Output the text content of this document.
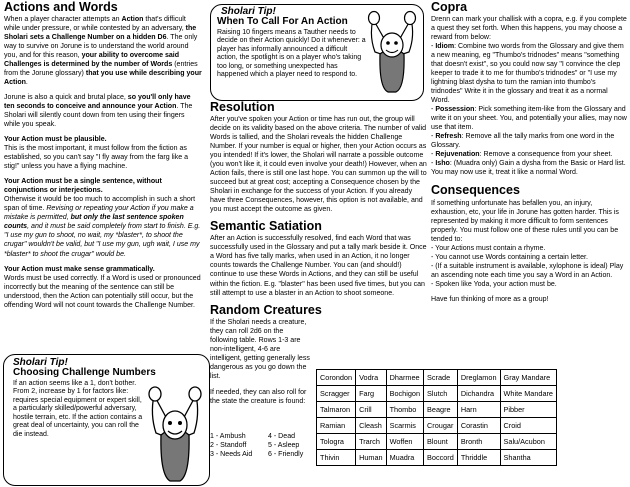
Actions and Words

When a player character attempts an Action that's difficult while under pressure, or while contested by an adversary, the Sholari sets a Challenge Number on a hidden D6. The only way to survive on Jorune is to understand the world around you, and for this reason, your ability to overcome said Challenges is determined by the number of Words (entries from the Jorune glossary) that you use while describing your Action.

Jorune is also a quick and brutal place, so you'll only have ten seconds to conceive and announce your Action. The Sholari will silently count down from ten using their fingers while you speak.

Your Action must be plausible.
This is the most important, it must follow from the fiction as established, so you can't say "I fly away from the farg like a stig!" unless you have a flying machine.

Your Action must be a single sentence, without conjunctions or interjections.
Otherwise it would be too much to accomplish in such a short span of time. Revising or repeating your Action if you make a mistake is permitted, but only the last sentence spoken counts, and it must be said completely from start to finish. E.g. "I use my gun to shoot, no wait, my *blaster*, to shoot the crugar" wouldn't be valid, but "I use my gun, ugh wait, I use my *blaster* to shoot the crugar" would be.

Your Action must make sense grammatically.
Words must be used correctly. If a Word is used or pronounced incorrectly but the meaning of the sentence can still be understood, then the Action can potentially still occur, but the offending Word will not count towards the Challenge Number.

Sholari Tip!
Choosing Challenge Numbers
If an action seems like a 1, don't bother. From 2, increase by 1 for factors like: requires special equipment or expert skill, a particularly skilled/powerful adversary, hostile terrain, etc. If the action contains a great deal of uncertainty, you can roll the die instead.
Sholari Tip!
When To Call For An Action
Raising 10 fingers means a Tauther needs to decide on their Action quickly! Do it whenever: a player has informally announced a difficult action, the spotlight is on a player who's taking too long, or something unexpected has happened which a player need to respond to.
Resolution

After you've spoken your Action or time has run out, the group will decide on its validity based on the above criteria. The number of valid Words is tallied, and the Sholari reveals the hidden Challenge Number. If your number is equal or higher, then your Action occurs as you intended! If it's lower, the Sholari will narrate a possible outcome (you won't like it, it could even involve your death!) However, when an Action fails, there is still one last hope. You can summon up the will to succeed but at great cost; accepting a Consequence chosen by the Sholari in exchange for the success of your Action. If you already have three Consequences, however, this option is not available, and you must accept the outcome as given.

Semantic Satiation

After an Action is successfully resolved, find each Word that was successfully used in the Glossary and put a tally mark beside it. Once a Word has five tally marks, when used in an Action, it no longer counts towards the Challenge Number. You can (and should!) continue to use these Words in Actions, and they can still be useful within the fiction. E.g. "blaster" has been used five times, but you can still attempt to use a blaster in an Action to shoot someone.

Random Creatures

If the Sholari needs a creature, they can roll 2d6 on the following table. Rows 1-3 are non-intelligent, 4-6 are intelligent, getting generally less dangerous as you go down the list.

If needed, they can also roll for the state the creature is found:

1 - Ambush
2 - Standoff
3 - Needs Aid
4 - Dead
5 - Asleep
6 - Friendly
Corondon	Vodra	Dharmee	Scrade	Dreglamon	Gray Mandare
Scragger	Farg	Bochigon	Slutch	Dichandra	White Mandare
Talmaron	Crill	Thombo	Beagre	Harn	Pibber
Ramian	Cleash	Scarmis	Crougar	Corastin	Croid
Tologra	Trarch	Woffen	Blount	Bronth	Salu/Acubon
Thivin	Human	Muadra	Boccord	Thriddle	Shantha
Copra

Drenn can mark your challisk with a copra, e.g. if you complete a quest they set forth. When this happens, you may choose a reward from below:

- Idiom: Combine two words from the Glossary and give them a new meaning, eg "Thumbo's tridnodes" means "something that doesn't exist", so you could now say "I convince the clep keeper to trade it to me for thumbo's tridnodes" or "I use my lightning blast dysha to turn the ramian into thumbo's tridnodes" Write it in the glossary and treat it as a normal Word.

- Possession: Pick something item-like from the Glossary and write it on your sheet. You, and potentially your allies, may now use that item.

- Refresh: Remove all the tally marks from one word in the Glossary.

- Rejuvenation: Remove a consequence from your sheet.

- Isho: (Muadra only) Gain a dysha from the Basic or Hard list. You may now use it, treat it like a normal Word.

Consequences

If something unfortunate has befallen you, an injury, exhaustion, etc, your life in Jorune has gotten harder. This is represented by making it more difficult to form sentences properly. You must follow one of these rules until you can be tended to:

- Your Actions must contain a rhyme.

- You cannot use Words containing a certain letter.

- (If a suitable instrument is available, xylophone is ideal) Play an ascending note each time you say a Word in an Action.

- Spoken like Yoda, your action must be.

Have fun thinking of more as a group!
